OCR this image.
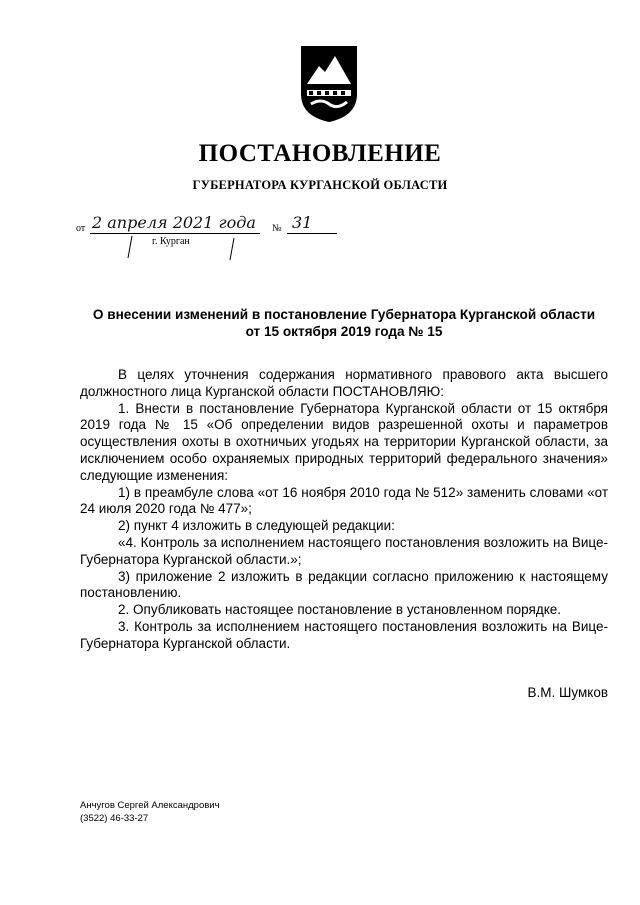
ПОСТАНОВЛЕНИЕ
ГУБЕРНАТОРА КУРГАНСКОЙ ОБЛАСТИ
от 2 апреля 2021 года № 31
г. Курган
О внесении изменений в постановление Губернатора Курганской области
от 15 октября 2019 года № 15

В целях уточнения содержания нормативного правового акта высшего должностного лица Курганской области ПОСТАНОВЛЯЮ:

1. Внести в постановление Губернатора Курганской области от 15 октября 2019 года № 15 «Об определении видов разрешенной охоты и параметров осуществления охоты в охотничьих угодьях на территории Курганской области, за исключением особо охраняемых природных территорий федерального значения» следующие изменения:

1) в преамбуле слова «от 16 ноября 2010 года № 512» заменить словами «от 24 июля 2020 года № 477»;

2) пункт 4 изложить в следующей редакции:

«4. Контроль за исполнением настоящего постановления возложить на Вице-Губернатора Курганской области.»;

3) приложение 2 изложить в редакции согласно приложению к настоящему постановлению.

2. Опубликовать настоящее постановление в установленном порядке.

3. Контроль за исполнением настоящего постановления возложить на Вице-Губернатора Курганской области.

В.М. Шумков
Анчугов Сергей Александрович
(3522) 46-33-27
